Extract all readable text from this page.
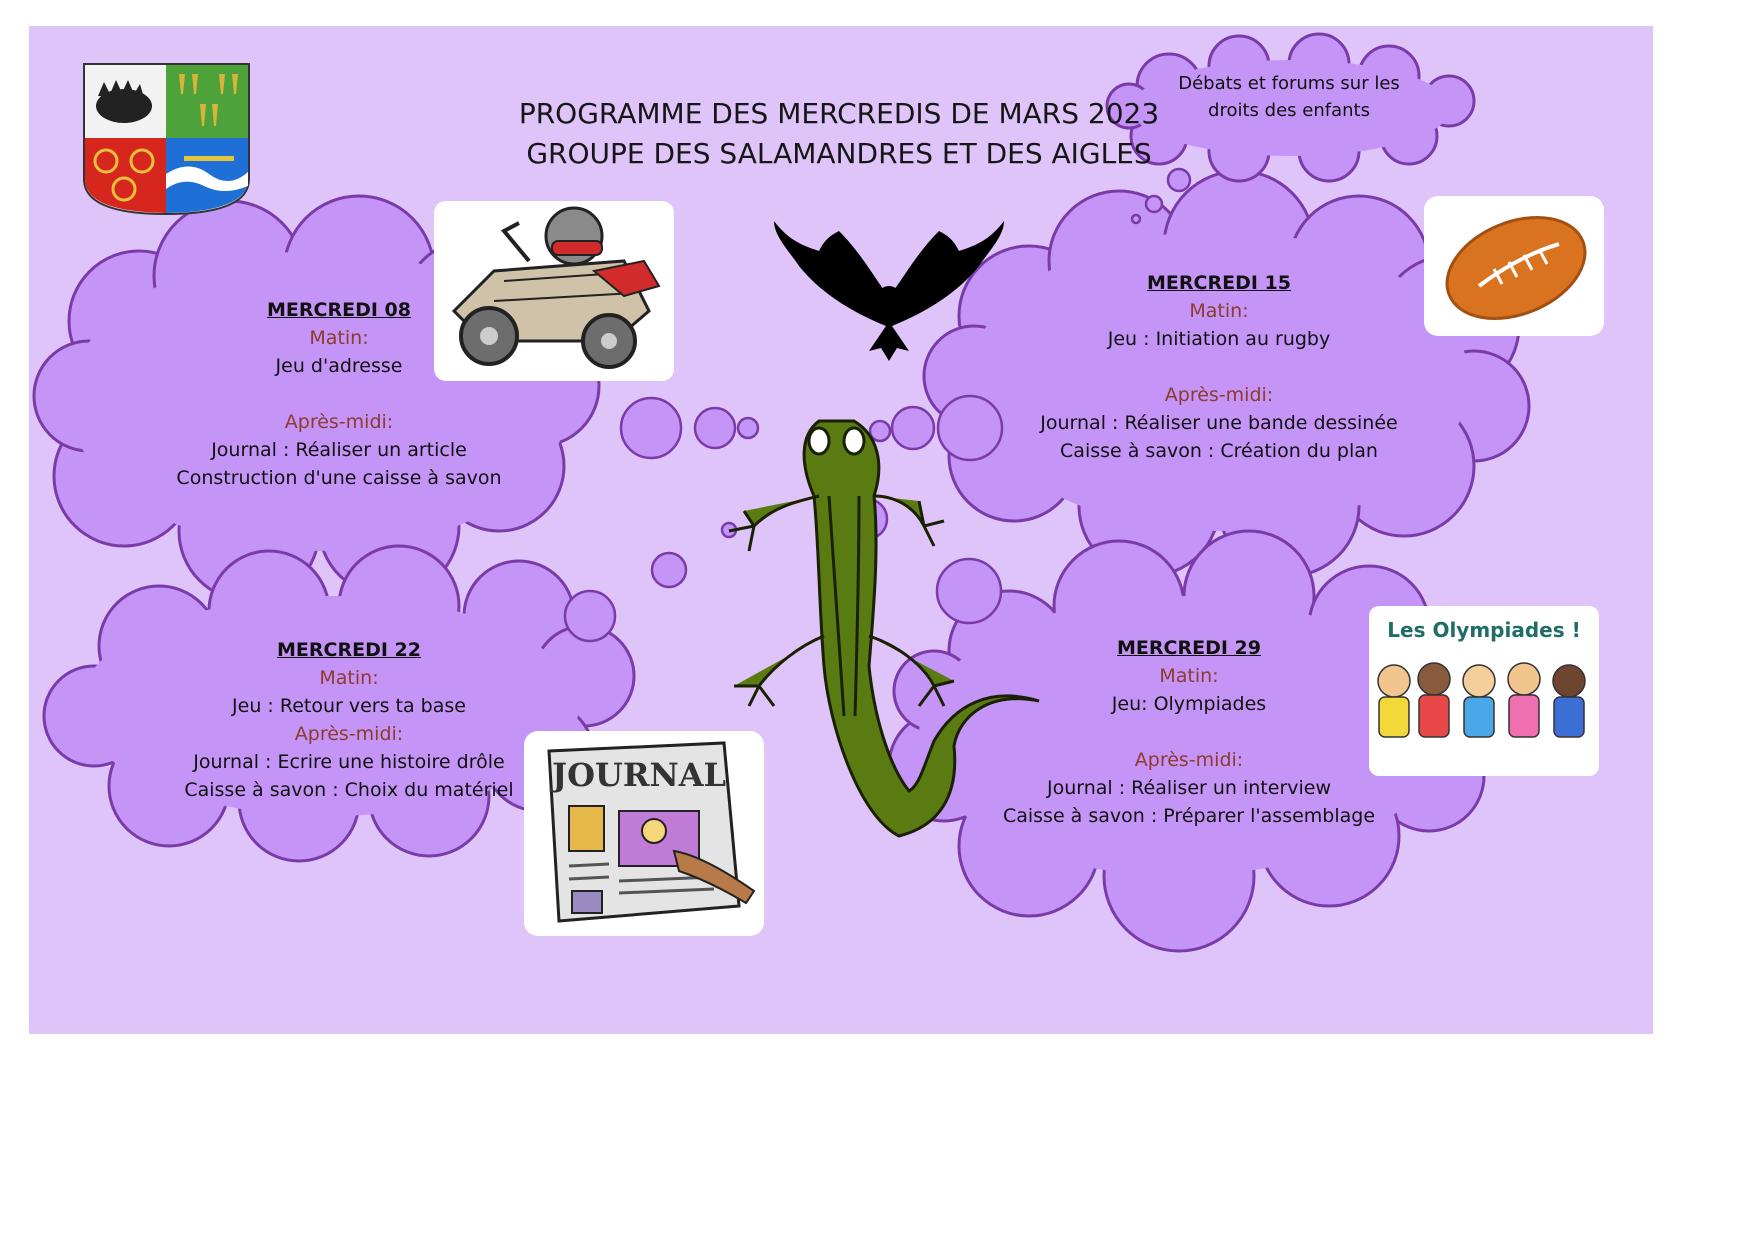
PROGRAMME DES MERCREDIS DE MARS 2023
GROUPE DES SALAMANDRES ET DES AIGLES
Débats et forums sur les
droits des enfants
MERCREDI 08
Matin:
Jeu d'adresse
Après-midi:
Journal : Réaliser un article
Construction d'une caisse à savon
MERCREDI 15
Matin:
Jeu : Initiation au rugby
Après-midi:
Journal : Réaliser une bande dessinée
Caisse à savon : Création du plan
MERCREDI 22
Matin:
Jeu : Retour vers ta base
Après-midi:
Journal : Ecrire une histoire drôle
Caisse à savon : Choix du matériel
MERCREDI 29
Matin:
Jeu: Olympiades
Après-midi:
Journal : Réaliser un interview
Caisse à savon : Préparer l'assemblage
Les Olympiades !
JOURNAL
